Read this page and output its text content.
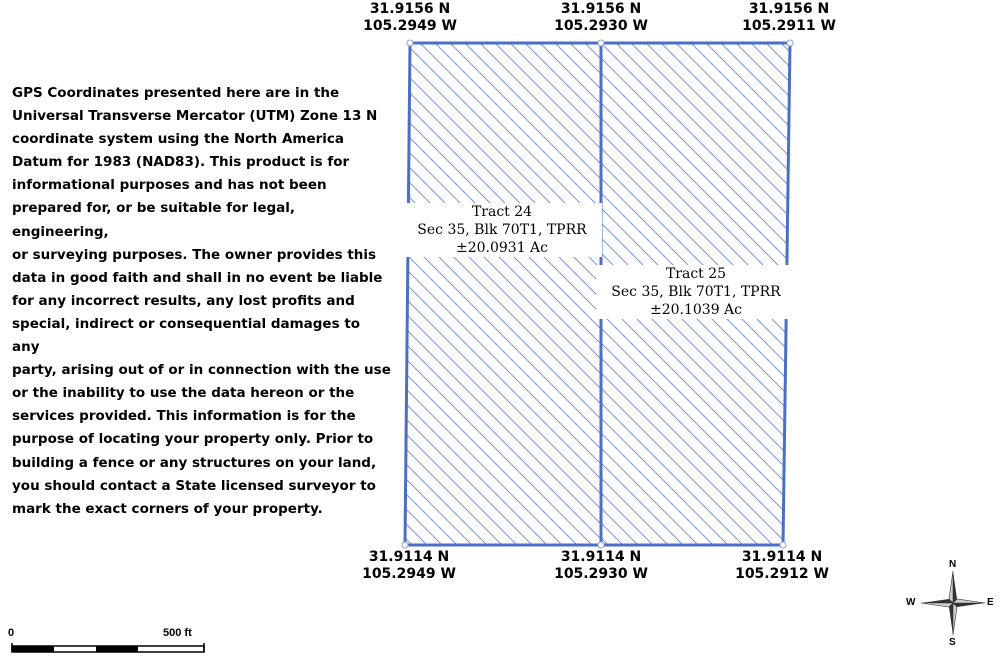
GPS Coordinates presented here are in the
Universal Transverse Mercator (UTM) Zone 13 N
coordinate system using the North America
Datum for 1983 (NAD83). This product is for
informational purposes and has not been
prepared for, or be suitable for legal, engineering,
or surveying purposes. The owner provides this
data in good faith and shall in no event be liable
for any incorrect results, any lost profits and
special, indirect or consequential damages to any
party, arising out of or in connection with the use
or the inability to use the data hereon or the
services provided. This information is for the
purpose of locating your property only. Prior to
building a fence or any structures on your land,
you should contact a State licensed surveyor to
mark the exact corners of your property.

31.9156 N
105.2949 W
31.9156 N
105.2930 W
31.9156 N
105.2911 W
31.9114 N
105.2949 W
31.9114 N
105.2930 W
31.9114 N
105.2912 W
Tract 24
Sec 35, Blk 70T1, TPRR
±20.0931 Ac
Tract 25
Sec 35, Blk 70T1, TPRR
±20.1039 Ac
0	500 ft
N
S
E
W
